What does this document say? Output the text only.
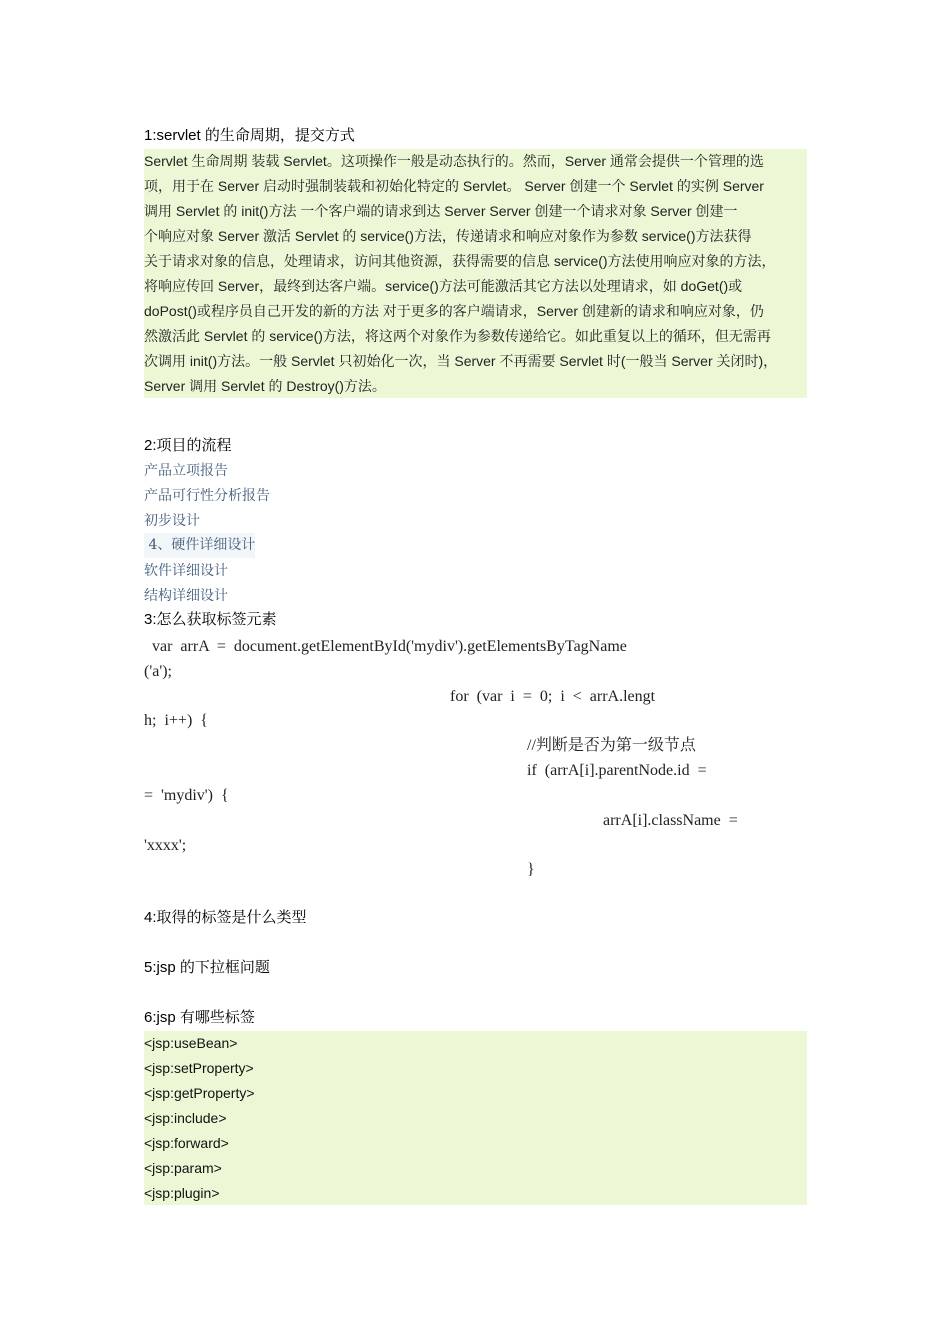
1:servlet 的生命周期，提交方式
Servlet 生命周期 装载 Servlet。这项操作一般是动态执行的。然而，Server 通常会提供一个管理的选
项，用于在 Server 启动时强制装载和初始化特定的 Servlet。 Server 创建一个 Servlet 的实例 Server
调用 Servlet 的 init()方法 一个客户端的请求到达 Server Server 创建一个请求对象 Server 创建一
个响应对象 Server 激活 Servlet 的 service()方法，传递请求和响应对象作为参数 service()方法获得
关于请求对象的信息，处理请求，访问其他资源，获得需要的信息 service()方法使用响应对象的方法，
将响应传回 Server，最终到达客户端。service()方法可能激活其它方法以处理请求，如 doGet()或
doPost()或程序员自己开发的新的方法 对于更多的客户端请求，Server 创建新的请求和响应对象，仍
然激活此 Servlet 的 service()方法，将这两个对象作为参数传递给它。如此重复以上的循环，但无需再
次调用 init()方法。一般 Servlet 只初始化一次，当 Server 不再需要 Servlet 时(一般当 Server 关闭时)，
Server 调用 Servlet 的 Destroy()方法。
2:项目的流程
产品立项报告
产品可行性分析报告
初步设计
4、硬件详细设计
软件详细设计
结构详细设计
3:怎么获取标签元素
var  arrA  =  document.getElementById('mydiv').getElementsByTagName
('a');
for  (var  i  =  0;  i  <  arrA.lengt
h;  i++)  {
//判断是否为第一级节点
if  (arrA[i].parentNode.id  =
=  'mydiv')  {
arrA[i].className  =
'xxxx';
}
4:取得的标签是什么类型
5:jsp 的下拉框问题
6:jsp 有哪些标签
<jsp:useBean>
<jsp:setProperty>
<jsp:getProperty>
<jsp:include>
<jsp:forward>
<jsp:param>
<jsp:plugin>
